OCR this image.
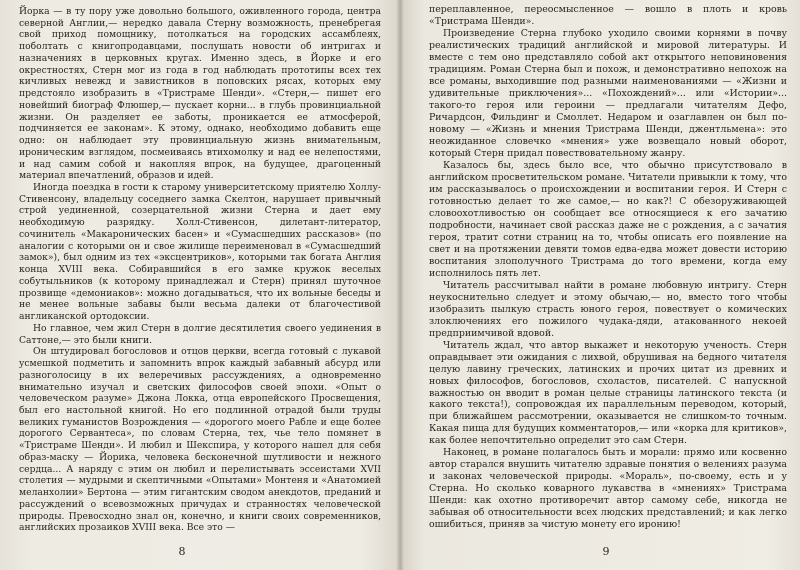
Йорка — в ту пору уже довольно большого, оживленного города, центра северной Англии,— нередко давала Стерну возможность, пренебрегая свой приход помощнику, потолкаться на городских ассамблеях, поболтать с книгопродавцами, послушать новости об интригах и назначениях в церковных кругах. Именно здесь, в Йорке и его окрестностях, Стерн мог из года в год наблюдать прототипы всех тех кичливых невежд и завистников в поповских рясах, которых ему предстояло изобразить в «Тристраме Шенди». «Стерн,— пишет его новейший биограф Флюшер,— пускает корни... в глубь провинциальной жизни. Он разделяет ее заботы, проникается ее атмосферой, подчиняется ее законам». К этому, однако, необходимо добавить еще одно: он наблюдает эту провинциальную жизнь внимательным, ироническим взглядом, посмеиваясь втихомолку и над ее нелепостями, и над самим собой и накопляя впрок, на будущее, драгоценный материал впечатлений, образов и идей.

Иногда поездка в гости к старому университетскому приятелю Холлу-Стивенсону, владельцу соседнего замка Скелтон, нарушает привычный строй уединенной, созерцательной жизни Стерна и дает ему необходимую разрядку. Холл-Стивенсон, дилетант-литератор, сочинитель «Макаронических басен» и «Сумасшедших рассказов» (по аналогии с которыми он и свое жилище переименовал в «Сумасшедший замок»), был одним из тех «эксцентриков», которыми так богата Англия конца XVIII века. Собиравшийся в его замке кружок веселых собутыльников (к которому принадлежал и Стерн) принял шуточное прозвище «демониаков»: можно догадываться, что их вольные беседы и не менее вольные забавы были весьма далеки от благочестивой англиканской ортодоксии.

Но главное, чем жил Стерн в долгие десятилетия своего уединения в Саттоне,— это были книги.

Он штудировал богословов и отцов церкви, всегда готовый с лукавой усмешкой подметить и запомнить впрок каждый забавный абсурд или разноголосицу в их велеречивых рассуждениях, а одновременно внимательно изучал и светских философов своей эпохи. «Опыт о человеческом разуме» Джона Локка, отца европейского Просвещения, был его настольной книгой. Но его подлинной отрадой были труды великих гуманистов Возрождения — «дорогого моего Рабле и еще более дорогого Сервантеса», по словам Стерна, тех, чье тело помянет в «Тристраме Шенди». И любил и Шекспира, у которого нашел для себя образ-маску — Йорика, человека бесконечной шутливости и нежного сердца... А наряду с этим он любил и перелистывать эссеистами XVII столетия — мудрыми и скептичными «Опытами» Монтеня и «Анатомией меланхолии» Бертона — этим гигантским сводом анекдотов, преданий и рассуждений о всевозможных причудах и странностях человеческой природы. Превосходно знал он, конечно, и книги своих современников, английских прозаиков XVIII века. Все это —

8

переплавленное, переосмысленное — вошло в плоть и кровь «Тристрама Шенди».

Произведение Стерна глубоко уходило своими корнями в почву реалистических традиций английской и мировой литературы. И вместе с тем оно представляло собой акт открытого неповиновения традициям. Роман Стерна был и похож, и демонстративно непохож на все романы, выходившие под разными наименованиями — «Жизни и удивительные приключения»... «Похождений»... или «Истории»... такого-то героя или героини — предлагали читателям Дефо, Ричардсон, Фильдинг и Смоллет. Недаром и озаглавлен он был по-новому — «Жизнь и мнения Тристрама Шенди, джентльмена»: это неожиданное словечко «мнения» уже возвещало новый оборот, который Стерн придал повествовательному жанру.

Казалось бы, здесь было все, что обычно присутствовало в английском просветительском романе. Читатели привыкли к тому, что им рассказывалось о происхождении и воспитании героя. И Стерн с готовностью делает то же самое,— но как?! С обезоруживающей словоохотливостью он сообщает все относящиеся к его зачатию подробности, начинает свой рассказ даже не с рождения, а с зачатия героя, тратит сотни страниц на то, чтобы описать его появление на свет и на протяжении девяти томов едва-едва может довести историю воспитания злополучного Тристрама до того времени, когда ему исполнилось пять лет.

Читатель рассчитывал найти в романе любовную интригу. Стерн неукоснительно следует и этому обычаю,— но, вместо того чтобы изобразить пылкую страсть юного героя, повествует о комических злоключениях его пожилого чудака-дяди, атакованного некоей предприимчивой вдовой.

Читатель ждал, что автор выкажет и некоторую ученость. Стерн оправдывает эти ожидания с лихвой, обрушивая на бедного читателя целую лавину греческих, латинских и прочих цитат из древних и новых философов, богословов, схоластов, писателей. С напускной важностью он вводит в роман целые страницы латинского текста (и какого текста!), сопровождая их параллельным переводом, который, при ближайшем рассмотрении, оказывается не слишком-то точным. Какая пища для будущих комментаторов,— или «корка для критиков», как более непочтительно определит это сам Стерн.

Наконец, в романе полагалось быть и морали: прямо или косвенно автор старался внушить читателю здравые понятия о велениях разума и законах человеческой природы. «Мораль», по-своему, есть и у Стерна. Но сколько коварного лукавства в «мнениях» Тристрама Шенди: как охотно противоречит автор самому себе, никогда не забывая об относительности всех людских представлений; и как легко ошибиться, приняв за чистую монету его иронию!

9
